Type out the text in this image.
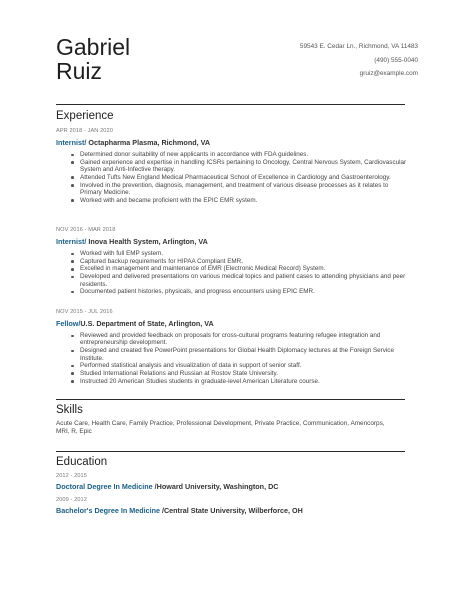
Gabriel
Ruiz
59543 E. Cedar Ln., Richmond, VA 11483
(490) 555-0040
gruiz@example.com
Experience
APR 2018 - JAN 2020
Internist/ Octapharma Plasma, Richmond, VA
Determined donor suitability of new applicants in accordance with FDA guidelines.
Gained experience and expertise in handling ICSRs pertaining to Oncology, Central Nervous System, Cardiovascular System and Anti-Infective therapy.
Attended Tufts New England Medical Pharmaceutical School of Excellence in Cardiology and Gastroenterology.
Involved in the prevention, diagnosis, management, and treatment of various disease processes as it relates to Primary Medicine.
Worked with and became proficient with the EPIC EMR system.
NOV 2016 - MAR 2018
Internist/ Inova Health System, Arlington, VA
Worked with full EMP system.
Captured backup requirements for HIPAA Compliant EMR.
Excelled in management and maintenance of EMR (Electronic Medical Record) System.
Developed and delivered presentations on various medical topics and patient cases to attending physicians and peer residents.
Documented patient histories, physicals, and progress encounters using EPIC EMR.
NOV 2015 - JUL 2016
Fellow/U.S. Department of State, Arlington, VA
Reviewed and provided feedback on proposals for cross-cultural programs featuring refugee integration and entrepreneurship development.
Designed and created five PowerPoint presentations for Global Health Diplomacy lectures at the Foreign Service Institute.
Performed statistical analysis and visualization of data in support of senior staff.
Studied International Relations and Russian at Rostov State University.
Instructed 20 American Studies students in graduate-level American Literature course.
Skills
Acute Care, Health Care, Family Practice, Professional Development, Private Practice, Communication, Amencorps, MRI, R, Epic
Education
2012 - 2015
Doctoral Degree In Medicine /Howard University, Washington, DC
2009 - 2012
Bachelor's Degree In Medicine /Central State University, Wilberforce, OH
